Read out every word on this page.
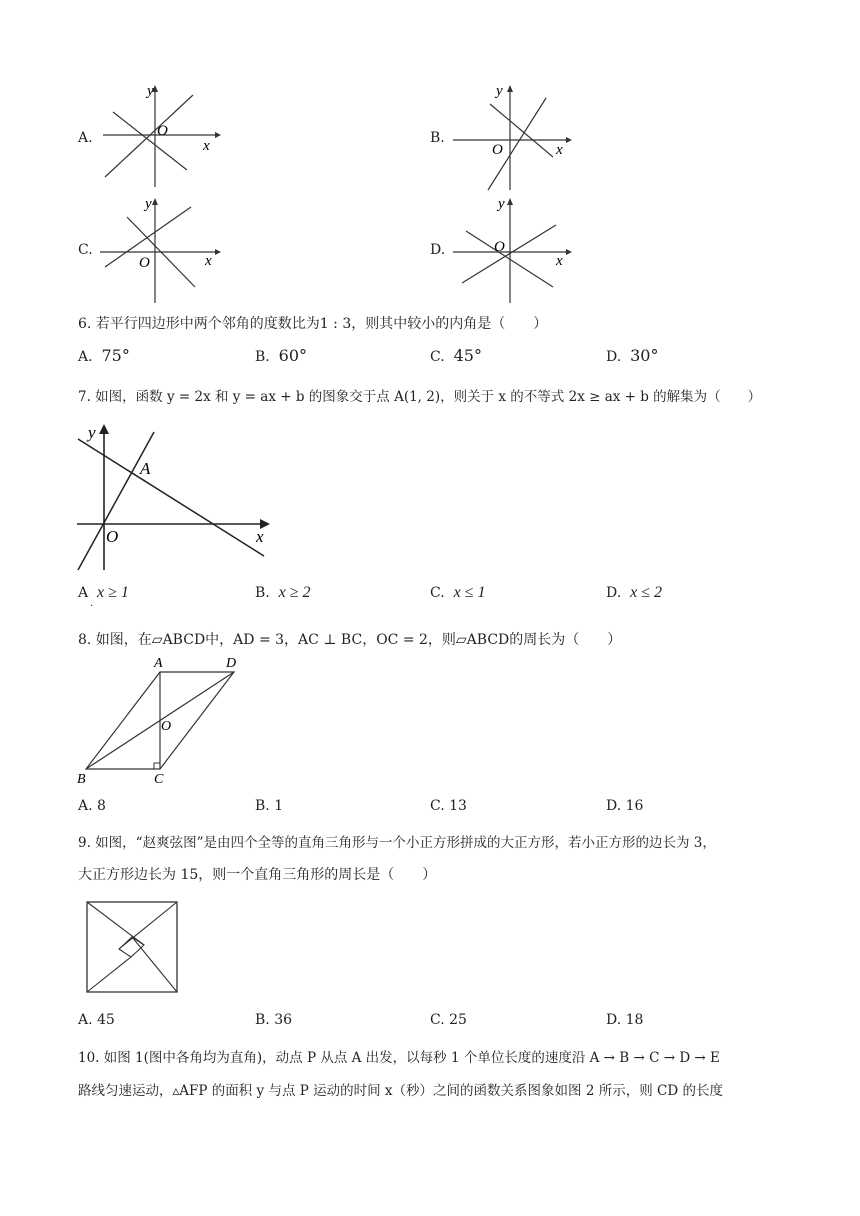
A.
y
x
O	B.
y
x
O
C.
y
x
O
D.
y
x
O
6. 若平行四边形中两个邻角的度数比为1 : 3，则其中较小的内角是（　　）
A. 75°	B. 60°	C. 45°	D. 30°
7. 如图，函数 y = 2x 和 y = ax + b 的图象交于点 A(1, 2)，则关于 x 的不等式 2x ≥ ax + b 的解集为（　　）
y
x
O
A
A x ≥ 1
.
B. x ≥ 2	C. x ≤ 1	D. x ≤ 2
8. 如图，在▱ABCD中，AD = 3，AC ⊥ BC，OC = 2，则▱ABCD的周长为（　　）
A	D
B	C
O
A. 8	B. 1	C. 13	D. 16
9. 如图，“赵爽弦图”是由四个全等的直角三角形与一个小正方形拼成的大正方形，若小正方形的边长为 3，
大正方形边长为 15，则一个直角三角形的周长是（　　）
A. 45	B. 36	C. 25	D. 18
10. 如图 1(图中各角均为直角)，动点 P 从点 A 出发，以每秒 1 个单位长度的速度沿 A → B → C → D → E
路线匀速运动，▵AFP 的面积 y 与点 P 运动的时间 x（秒）之间的函数关系图象如图 2 所示，则 CD 的长度
